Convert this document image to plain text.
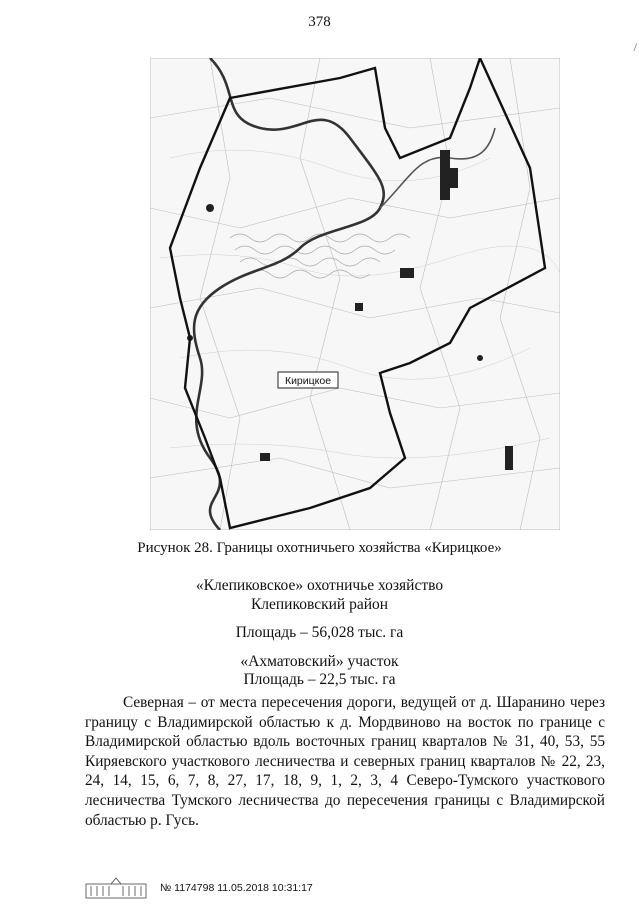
378
/
Кирицкое
Рисунок 28. Границы охотничьего хозяйства «Кирицкое»
«Клепиковское» охотничье хозяйство
Клепиковский район
Площадь – 56,028 тыс. га
«Ахматовский» участок
Площадь – 22,5 тыс. га
Северная – от места пересечения дороги, ведущей от д. Шаранино через границу с Владимирской областью к д. Мордвиново на восток по границе с Владимирской областью вдоль восточных границ кварталов № 31, 40, 53, 55 Киряевского участкового лесничества и северных границ кварталов № 22, 23, 24, 14, 15, 6, 7, 8, 27, 17, 18, 9, 1, 2, 3, 4 Северо-Тумского участкового лесничества Тумского лесничества до пересечения границы с Владимирской областью р. Гусь.
№ 1174798 11.05.2018 10:31:17
